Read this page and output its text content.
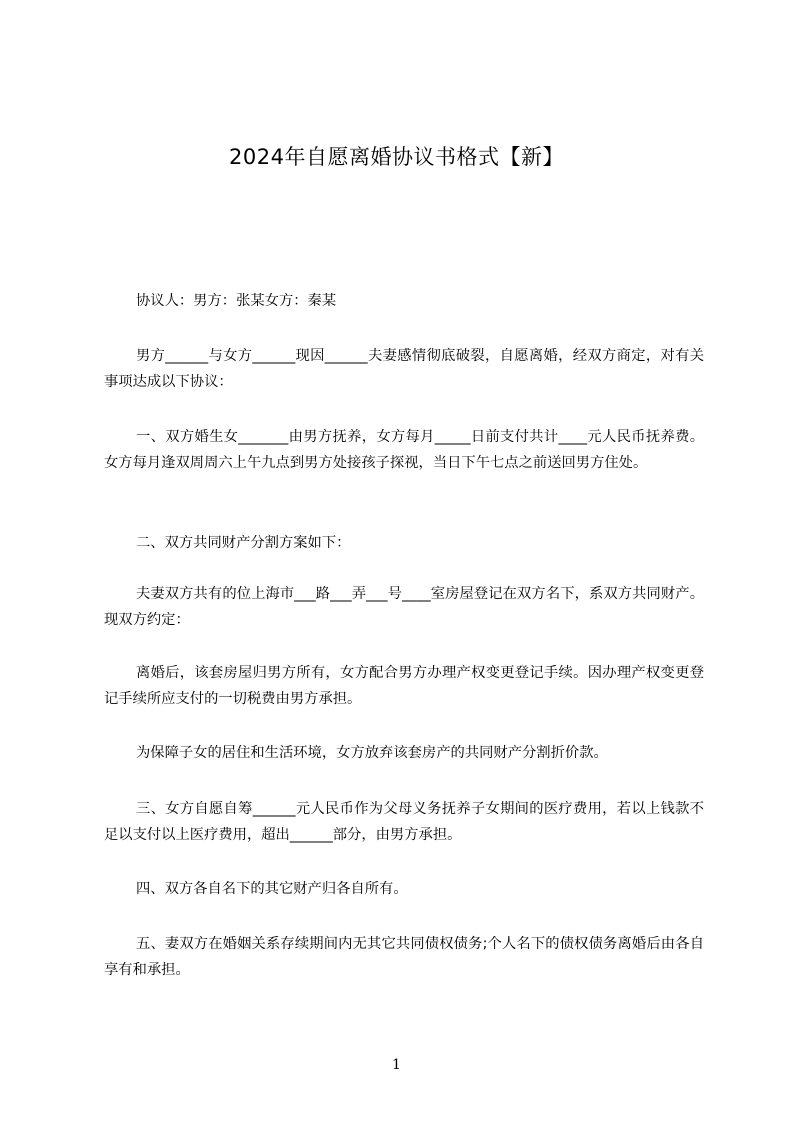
2024年自愿离婚协议书格式【新】

协议人：男方：张某女方：秦某

男方______与女方______现因______夫妻感情彻底破裂，自愿离婚，经双方商定，对有关事项达成以下协议：

一、双方婚生女_______由男方抚养，女方每月_____日前支付共计____元人民币抚养费。女方每月逢双周周六上午九点到男方处接孩子探视，当日下午七点之前送回男方住处。

二、双方共同财产分割方案如下：

夫妻双方共有的位上海市___路___弄___号____室房屋登记在双方名下，系双方共同财产。现双方约定：

离婚后，该套房屋归男方所有，女方配合男方办理产权变更登记手续。因办理产权变更登记手续所应支付的一切税费由男方承担。

为保障子女的居住和生活环境，女方放弃该套房产的共同财产分割折价款。

三、女方自愿自筹______元人民币作为父母义务抚养子女期间的医疗费用，若以上钱款不足以支付以上医疗费用，超出______部分，由男方承担。

四、双方各自名下的其它财产归各自所有。

五、妻双方在婚姻关系存续期间内无其它共同债权债务;个人名下的债权债务离婚后由各自享有和承担。

1
